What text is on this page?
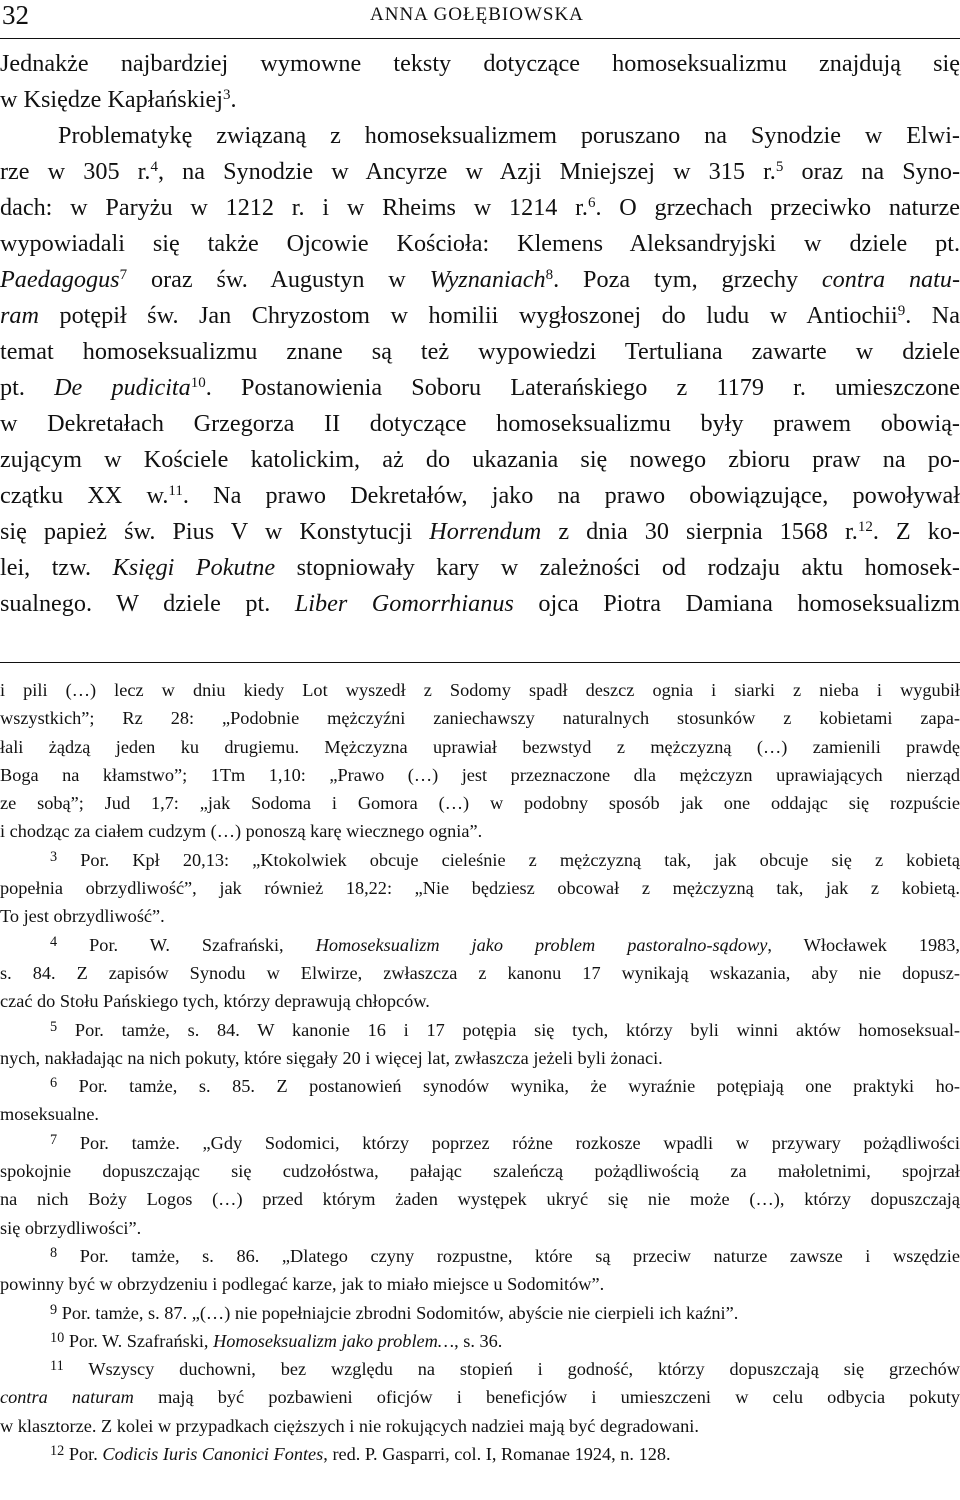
32	ANNA GOŁĘBIOWSKA
Jednakże najbardziej wymowne teksty dotyczące homoseksualizmu znajdują się
w Księdze Kapłańskiej$^3$.
Problematykę związaną z homoseksualizmem poruszano na Synodzie w Elwi-
rze w 305 r.$^4$, na Synodzie w Ancyrze w Azji Mniejszej w 315 r.$^5$ oraz na Syno-
dach: w Paryżu w 1212 r. i w Rheims w 1214 r.$^6$. O grzechach przeciwko naturze
wypowiadali się także Ojcowie Kościoła: Klemens Aleksandryjski w dziele pt.
Paedagogus$^7$ oraz św. Augustyn w Wyznaniach$^8$. Poza tym, grzechy contra natu-
ram potępił św. Jan Chryzostom w homilii wygłoszonej do ludu w Antiochii$^9$. Na
temat homoseksualizmu znane są też wypowiedzi Tertuliana zawarte w dziele
pt. De pudicita$^{10}$. Postanowienia Soboru Laterańskiego z 1179 r. umieszczone
w Dekretałach Grzegorza II dotyczące homoseksualizmu były prawem obowią-
zującym w Kościele katolickim, aż do ukazania się nowego zbioru praw na po-
czątku XX w.$^{11}$. Na prawo Dekretałów, jako na prawo obowiązujące, powoływał
się papież św. Pius V w Konstytucji Horrendum z dnia 30 sierpnia 1568 r.$^{12}$. Z ko-
lei, tzw. Księgi Pokutne stopniowały kary w zależności od rodzaju aktu homosek-
sualnego. W dziele pt. Liber Gomorrhianus ojca Piotra Damiana homoseksualizm
i pili (…) lecz w dniu kiedy Lot wyszedł z Sodomy spadł deszcz ognia i siarki z nieba i wygubił
wszystkich”; Rz 28: „Podobnie mężczyźni zaniechawszy naturalnych stosunków z kobietami zapa-
łali żądzą jeden ku drugiemu. Mężczyzna uprawiał bezwstyd z mężczyzną (…) zamienili prawdę
Boga na kłamstwo”; 1Tm 1,10: „Prawo (…) jest przeznaczone dla mężczyzn uprawiających nierząd
ze sobą”; Jud 1,7: „jak Sodoma i Gomora (…) w podobny sposób jak one oddając się rozpuście
i chodząc za ciałem cudzym (…) ponoszą karę wiecznego ognia”.
$^3$ Por. Kpł 20,13: „Ktokolwiek obcuje cieleśnie z mężczyzną tak, jak obcuje się z kobietą
popełnia obrzydliwość”, jak również 18,22: „Nie będziesz obcował z mężczyzną tak, jak z kobietą.
To jest obrzydliwość”.
$^4$ Por. W. Szafrański, Homoseksualizm jako problem pastoralno-sądowy, Włocławek 1983,
s. 84. Z zapisów Synodu w Elwirze, zwłaszcza z kanonu 17 wynikają wskazania, aby nie dopusz-
czać do Stołu Pańskiego tych, którzy deprawują chłopców.
$^5$ Por. tamże, s. 84. W kanonie 16 i 17 potępia się tych, którzy byli winni aktów homoseksual-
nych, nakładając na nich pokuty, które sięgały 20 i więcej lat, zwłaszcza jeżeli byli żonaci.
$^6$ Por. tamże, s. 85. Z postanowień synodów wynika, że wyraźnie potępiają one praktyki ho-
moseksualne.
$^7$ Por. tamże. „Gdy Sodomici, którzy poprzez różne rozkosze wpadli w przywary pożądliwości
spokojnie dopuszczając się cudzołóstwa, pałając szaleńczą pożądliwością za małoletnimi, spojrzał
na nich Boży Logos (…) przed którym żaden występek ukryć się nie może (…), którzy dopuszczają
się obrzydliwości”.
$^8$ Por. tamże, s. 86. „Dlatego czyny rozpustne, które są przeciw naturze zawsze i wszędzie
powinny być w obrzydzeniu i podlegać karze, jak to miało miejsce u Sodomitów”.
$^9$ Por. tamże, s. 87. „(…) nie popełniajcie zbrodni Sodomitów, abyście nie cierpieli ich kaźni”.
$^{10}$ Por. W. Szafrański, Homoseksualizm jako problem…, s. 36.
$^{11}$ Wszyscy duchowni, bez względu na stopień i godność, którzy dopuszczają się grzechów
contra naturam mają być pozbawieni oficjów i beneficjów i umieszczeni w celu odbycia pokuty
w klasztorze. Z kolei w przypadkach cięższych i nie rokujących nadziei mają być degradowani.
$^{12}$ Por. Codicis Iuris Canonici Fontes, red. P. Gasparri, col. I, Romanae 1924, n. 128.
